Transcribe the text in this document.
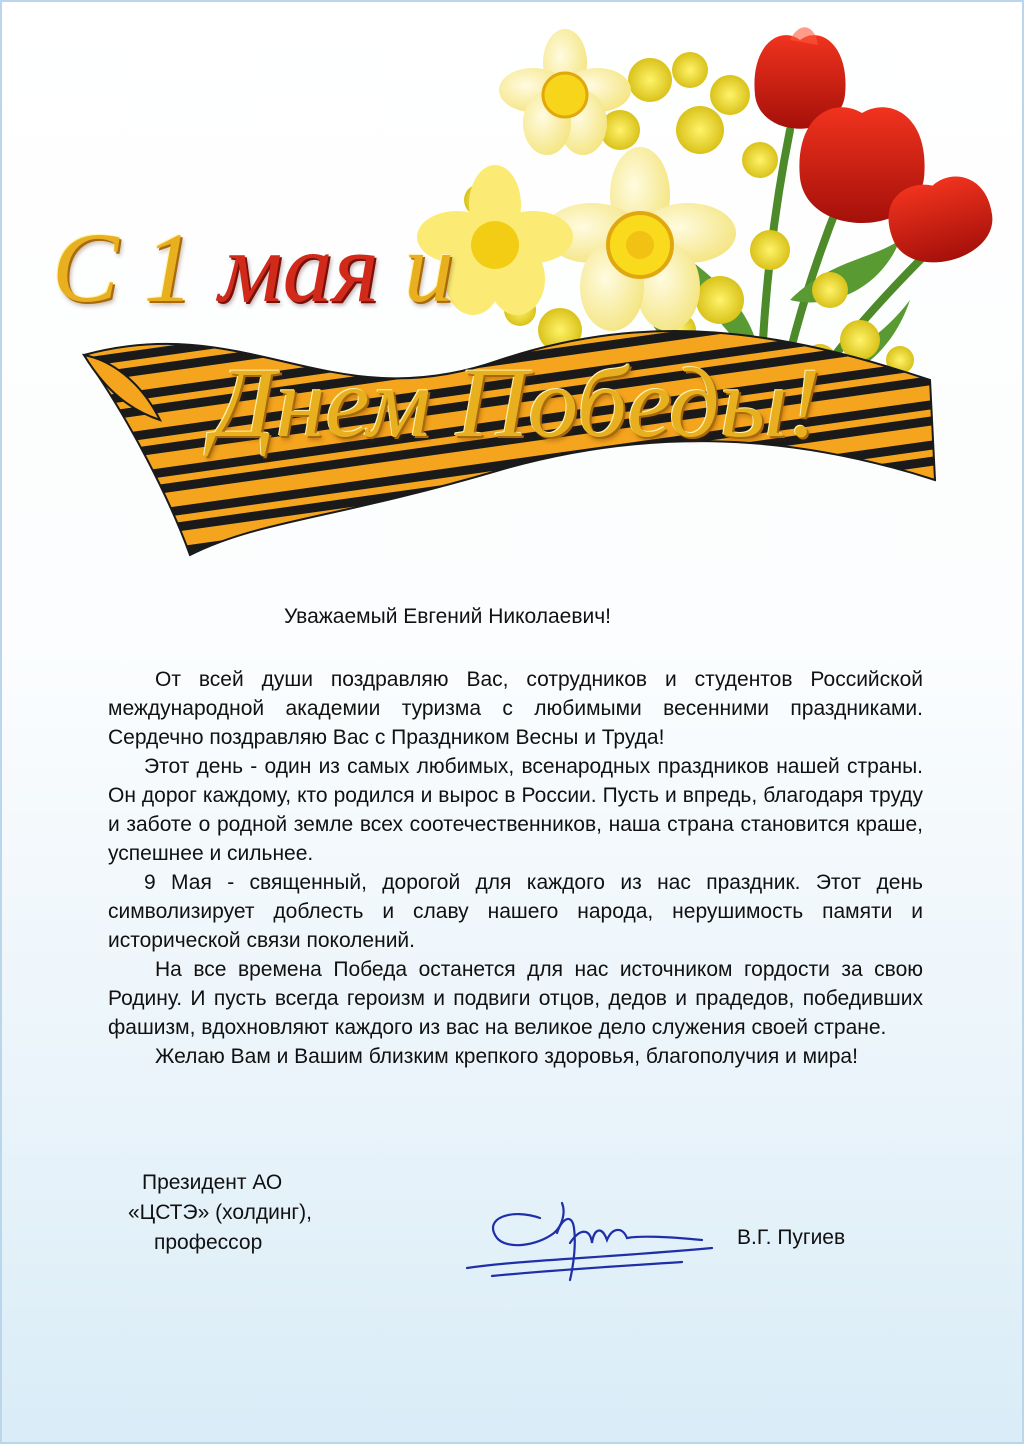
С 1 мая и
Днем Победы!
Уважаемый Евгений Николаевич!

От всей души поздравляю Вас, сотрудников и студентов Российской международной академии туризма с любимыми весенними праздниками. Сердечно поздравляю Вас с Праздником Весны и Труда!

Этот день - один из самых любимых, всенародных праздников нашей страны. Он дорог каждому, кто родился и вырос в России. Пусть и впредь, благодаря труду и заботе о родной земле всех соотечественников, наша страна становится краше, успешнее и сильнее.

9 Мая - священный, дорогой для каждого из нас праздник. Этот день символизирует доблесть и славу нашего народа, нерушимость памяти и исторической связи поколений.

На все времена Победа останется для нас источником гордости за свою Родину. И пусть всегда героизм и подвиги отцов, дедов и прадедов, победивших фашизм, вдохновляют каждого из вас на великое дело служения своей стране.

Желаю Вам и Вашим близким крепкого здоровья, благополучия и мира!

Президент АО
«ЦСТЭ» (холдинг),
профессор	В.Г. Пугиев
